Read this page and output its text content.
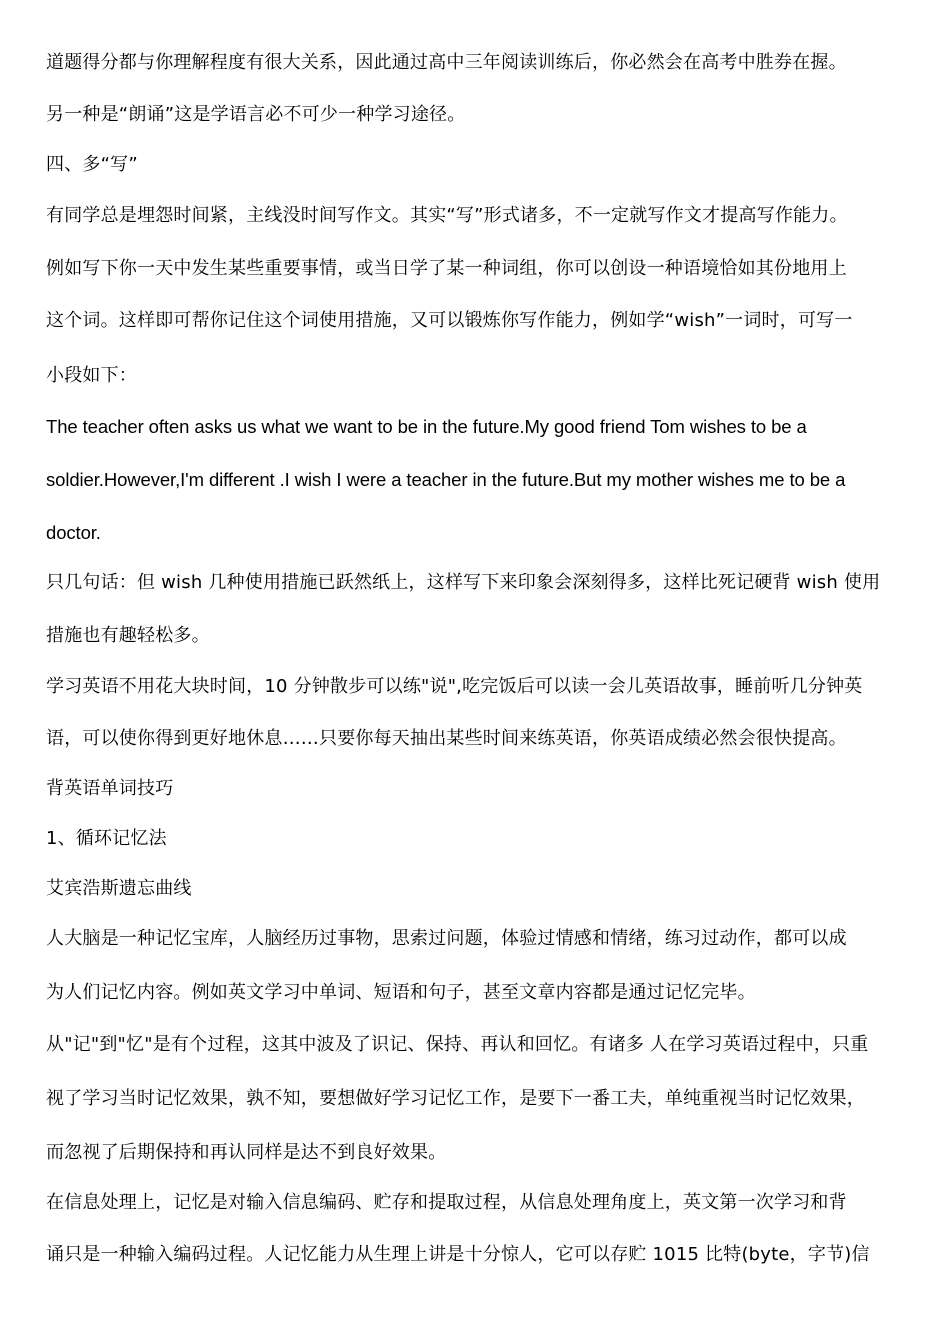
道题得分都与你理解程度有很大关系，因此通过高中三年阅读训练后，你必然会在高考中胜券在握。
另一种是“朗诵”这是学语言必不可少一种学习途径。
四、多“写”
有同学总是埋怨时间紧，主线没时间写作文。其实“写”形式诸多，不一定就写作文才提高写作能力。
例如写下你一天中发生某些重要事情，或当日学了某一种词组，你可以创设一种语境恰如其份地用上
这个词。这样即可帮你记住这个词使用措施，又可以锻炼你写作能力，例如学“wish”一词时，可写一
小段如下：
The teacher often asks us what we want to be in the future.My good friend Tom wishes to be a
soldier.However,I'm different .I wish I were a teacher in the future.But my mother wishes me to be a
doctor.
只几句话：但 wish 几种使用措施已跃然纸上，这样写下来印象会深刻得多，这样比死记硬背 wish 使用
措施也有趣轻松多。
学习英语不用花大块时间，10 分钟散步可以练"说",吃完饭后可以读一会儿英语故事，睡前听几分钟英
语，可以使你得到更好地休息……只要你每天抽出某些时间来练英语，你英语成绩必然会很快提高。
背英语单词技巧
1、循环记忆法
艾宾浩斯遗忘曲线
人大脑是一种记忆宝库，人脑经历过事物，思索过问题，体验过情感和情绪，练习过动作，都可以成
为人们记忆内容。例如英文学习中单词、短语和句子，甚至文章内容都是通过记忆完毕。
从"记"到"忆"是有个过程，这其中波及了识记、保持、再认和回忆。有诸多 人在学习英语过程中，只重
视了学习当时记忆效果，孰不知，要想做好学习记忆工作，是要下一番工夫，单纯重视当时记忆效果，
而忽视了后期保持和再认同样是达不到良好效果。
在信息处理上，记忆是对输入信息编码、贮存和提取过程，从信息处理角度上，英文第一次学习和背
诵只是一种输入编码过程。人记忆能力从生理上讲是十分惊人，它可以存贮 1015 比特(byte，字节)信
